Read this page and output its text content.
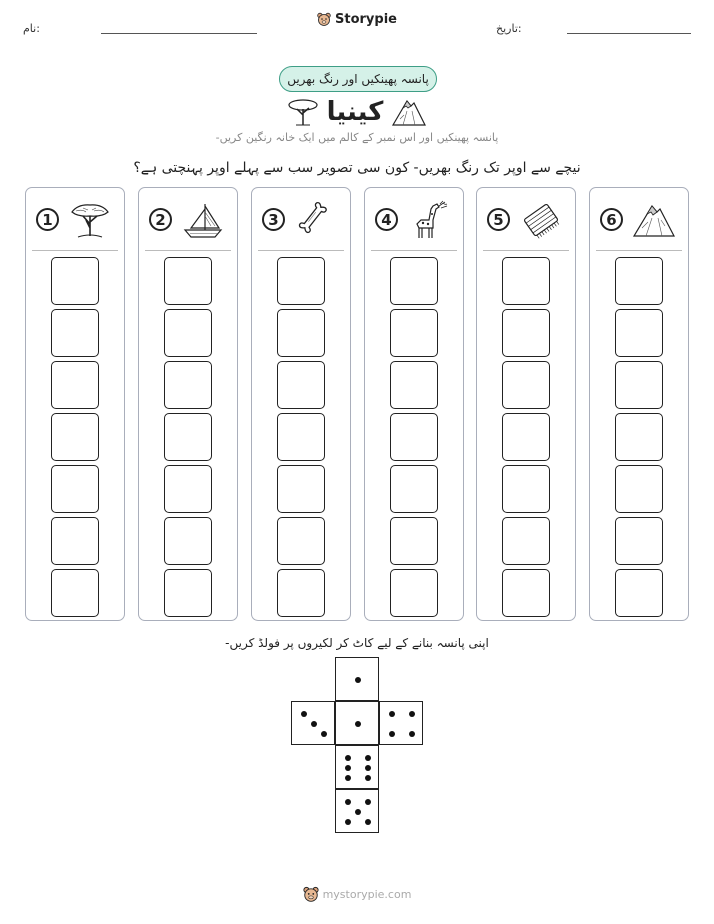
نام:
Storypie
تاریخ:
پانسہ پھینکیں اور رنگ بھریں
کینیا
پانسہ پھینکیں اور اس نمبر کے کالم میں ایک خانہ رنگین کریں-
نیچے سے اوپر تک رنگ بھریں- کون سی تصویر سب سے پہلے اوپر پہنچتی ہے؟
1	2	3	4	5	6
اپنی پانسہ بنانے کے لیے کاٹ کر لکیروں پر فولڈ کریں-
mystorypie.com
